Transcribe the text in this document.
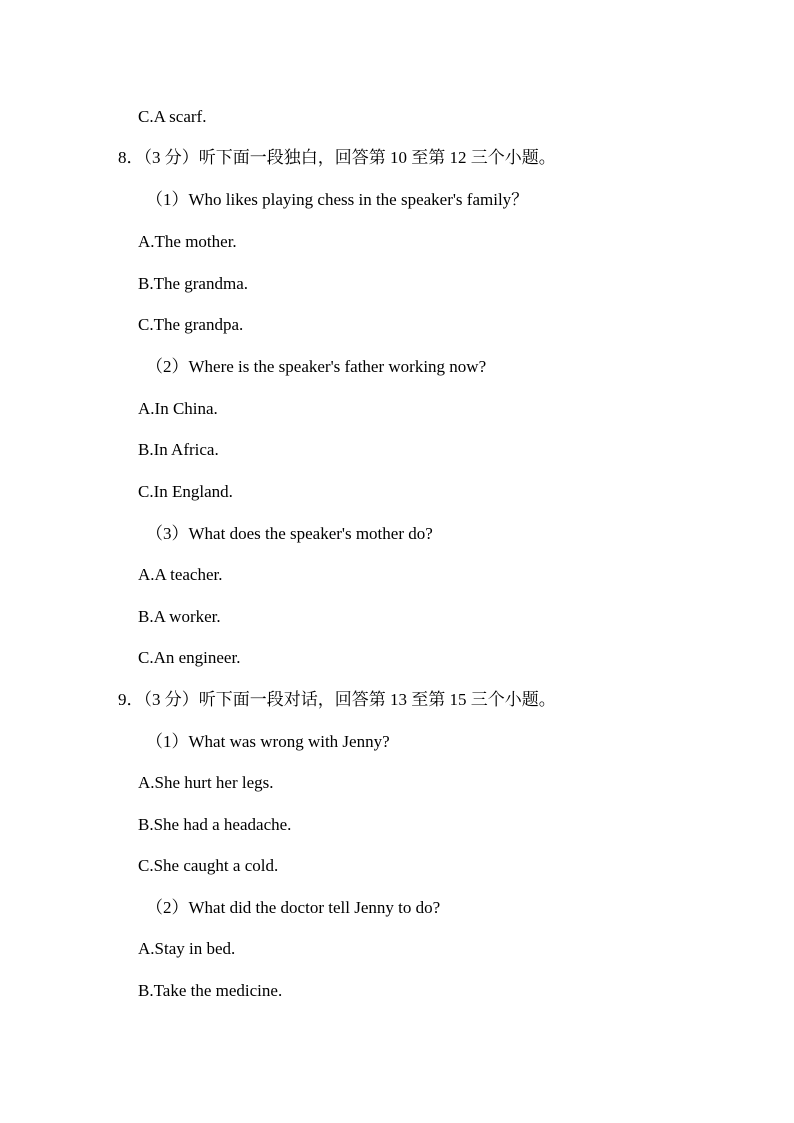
C.A scarf.
8．（3 分）听下面一段独白，回答第 10 至第 12 三个小题。
（1）Who likes playing chess in the speaker's family？
A.The mother.
B.The grandma.
C.The grandpa.
（2）Where is the speaker's father working now?
A.In China.
B.In Africa.
C.In England.
（3）What does the speaker's mother do?
A.A teacher.
B.A worker.
C.An engineer.
9．（3 分）听下面一段对话，回答第 13 至第 15 三个小题。
（1）What was wrong with Jenny?
A.She hurt her legs.
B.She had a headache.
C.She caught a cold.
（2）What did the doctor tell Jenny to do?
A.Stay in bed.
B.Take the medicine.
